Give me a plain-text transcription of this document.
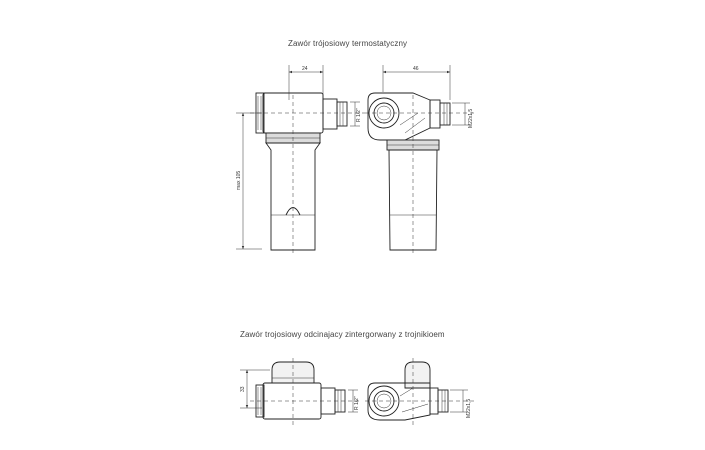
Zawór trójosiowy termostatyczny
Zawór trojosiowy odcinajacy zintergorwany z trojnikioem
24
max 105
R 1/2"
46
M22x1,5
33
R 1/2"	M22x1,5
